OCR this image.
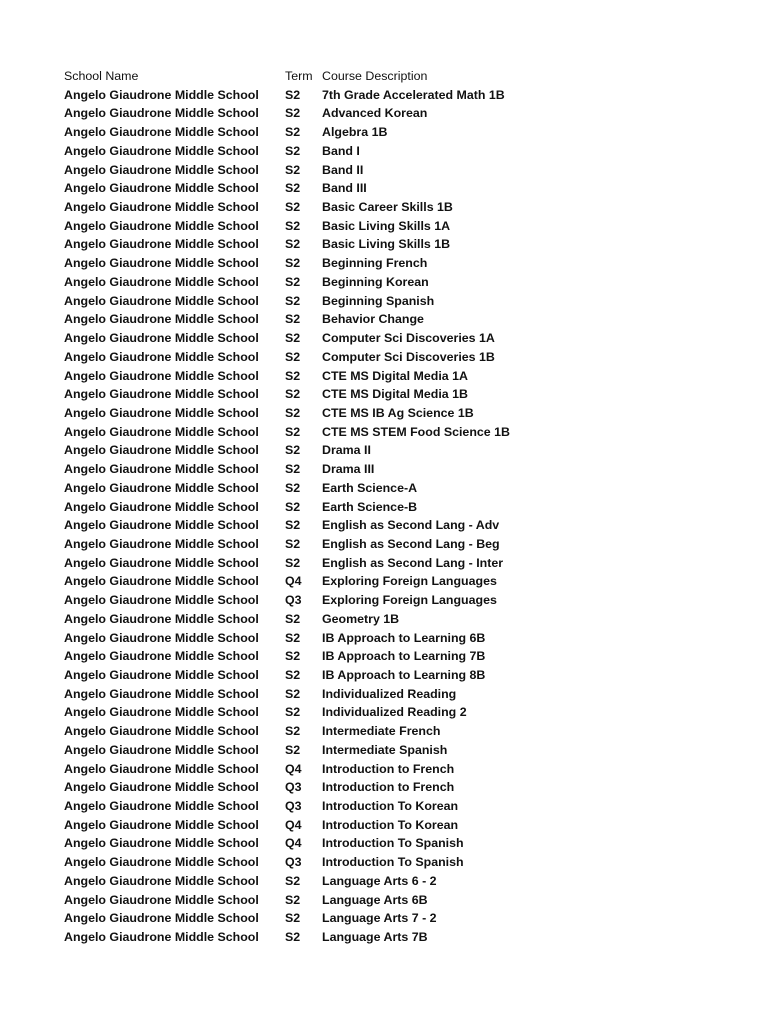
School Name	Term Course Description
Angelo Giaudrone Middle School	S2	7th Grade Accelerated Math 1B
Angelo Giaudrone Middle School	S2	Advanced Korean
Angelo Giaudrone Middle School	S2	Algebra 1B
Angelo Giaudrone Middle School	S2	Band I
Angelo Giaudrone Middle School	S2	Band II
Angelo Giaudrone Middle School	S2	Band III
Angelo Giaudrone Middle School	S2	Basic Career Skills 1B
Angelo Giaudrone Middle School	S2	Basic Living Skills 1A
Angelo Giaudrone Middle School	S2	Basic Living Skills 1B
Angelo Giaudrone Middle School	S2	Beginning French
Angelo Giaudrone Middle School	S2	Beginning Korean
Angelo Giaudrone Middle School	S2	Beginning Spanish
Angelo Giaudrone Middle School	S2	Behavior Change
Angelo Giaudrone Middle School	S2	Computer Sci Discoveries 1A
Angelo Giaudrone Middle School	S2	Computer Sci Discoveries 1B
Angelo Giaudrone Middle School	S2	CTE MS Digital Media 1A
Angelo Giaudrone Middle School	S2	CTE MS Digital Media 1B
Angelo Giaudrone Middle School	S2	CTE MS IB Ag Science 1B
Angelo Giaudrone Middle School	S2	CTE MS STEM Food Science 1B
Angelo Giaudrone Middle School	S2	Drama II
Angelo Giaudrone Middle School	S2	Drama III
Angelo Giaudrone Middle School	S2	Earth Science-A
Angelo Giaudrone Middle School	S2	Earth Science-B
Angelo Giaudrone Middle School	S2	English as Second Lang - Adv
Angelo Giaudrone Middle School	S2	English as Second Lang - Beg
Angelo Giaudrone Middle School	S2	English as Second Lang - Inter
Angelo Giaudrone Middle School	Q4	Exploring Foreign Languages
Angelo Giaudrone Middle School	Q3	Exploring Foreign Languages
Angelo Giaudrone Middle School	S2	Geometry 1B
Angelo Giaudrone Middle School	S2	IB Approach to Learning 6B
Angelo Giaudrone Middle School	S2	IB Approach to Learning 7B
Angelo Giaudrone Middle School	S2	IB Approach to Learning 8B
Angelo Giaudrone Middle School	S2	Individualized Reading
Angelo Giaudrone Middle School	S2	Individualized Reading 2
Angelo Giaudrone Middle School	S2	Intermediate French
Angelo Giaudrone Middle School	S2	Intermediate Spanish
Angelo Giaudrone Middle School	Q4	Introduction to French
Angelo Giaudrone Middle School	Q3	Introduction to French
Angelo Giaudrone Middle School	Q3	Introduction To Korean
Angelo Giaudrone Middle School	Q4	Introduction To Korean
Angelo Giaudrone Middle School	Q4	Introduction To Spanish
Angelo Giaudrone Middle School	Q3	Introduction To Spanish
Angelo Giaudrone Middle School	S2	Language Arts 6 - 2
Angelo Giaudrone Middle School	S2	Language Arts 6B
Angelo Giaudrone Middle School	S2	Language Arts 7 - 2
Angelo Giaudrone Middle School	S2	Language Arts 7B
